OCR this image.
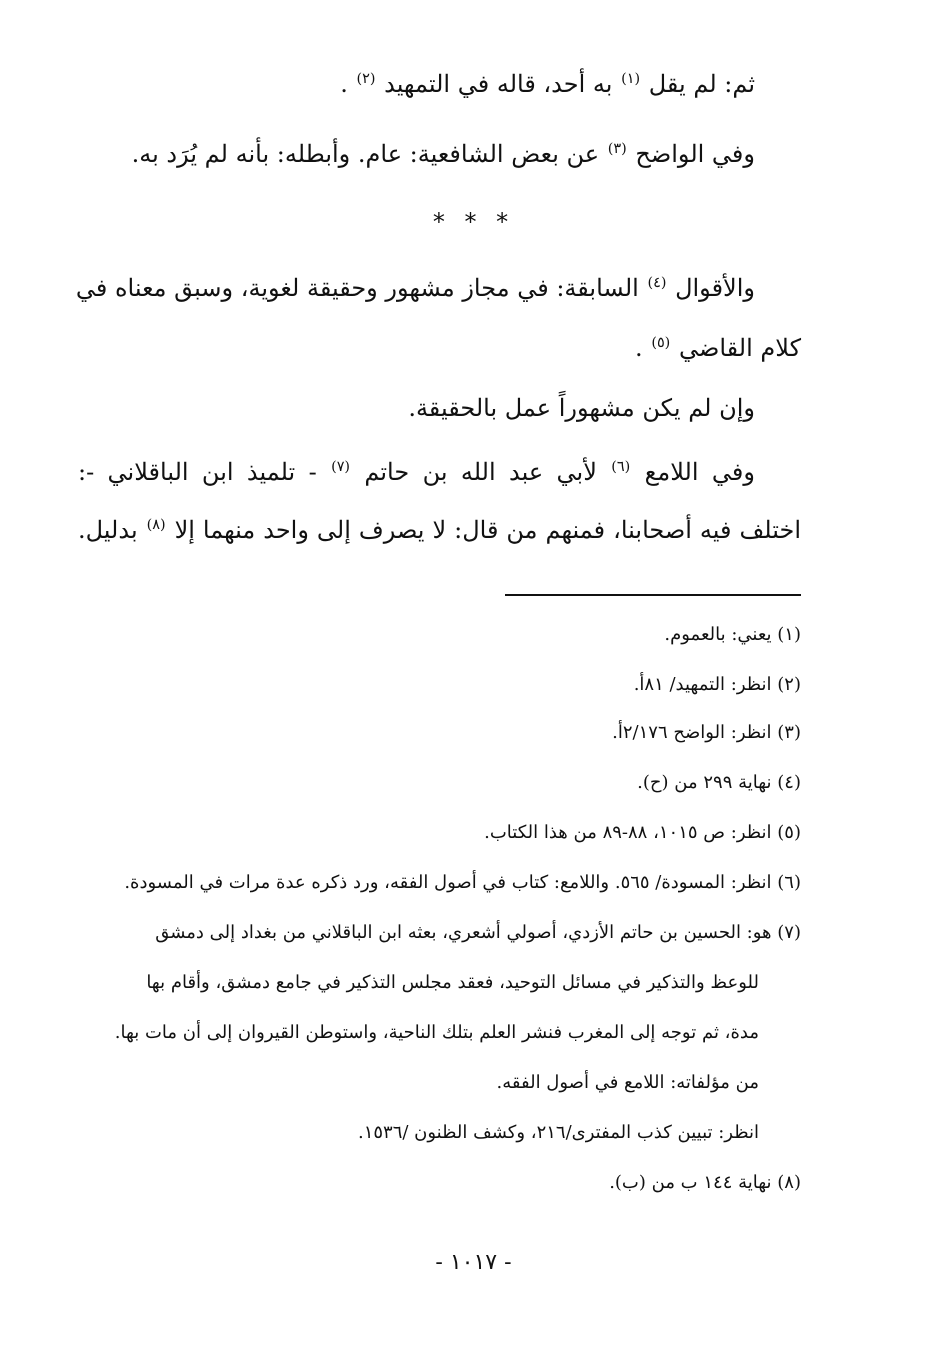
ثم: لم يقل $^{(١)}$ به أحد، قاله في التمهيد $^{(٢)}$ .
وفي الواضح $^{(٣)}$ عن بعض الشافعية: عام. وأبطله: بأنه لم يُرَد به.
* * *
والأقوال $^{(٤)}$ السابقة: في مجاز مشهور وحقيقة لغوية، وسبق معناه في
كلام القاضي $^{(٥)}$ .
وإن لم يكن مشهوراً عمل بالحقيقة.
وفي اللامع $^{(٦)}$ لأبي عبد الله بن حاتم $^{(٧)}$ - تلميذ ابن الباقلاني -:
اختلف فيه أصحابنا، فمنهم من قال: لا يصرف إلى واحد منهما إلا $^{(٨)}$ بدليل.
(١) يعني: بالعموم.
(٢) انظر: التمهيد/ ٨١أ.
(٣) انظر: الواضح ٢/١٧٦أ.
(٤) نهاية ٢٩٩ من (ح).
(٥) انظر: ص ١٠١٥، ٨٨-٨٩ من هذا الكتاب.
(٦) انظر: المسودة/ ٥٦٥. واللامع: كتاب في أصول الفقه، ورد ذكره عدة مرات في المسودة.
(٧) هو: الحسين بن حاتم الأزدي، أصولي أشعري، بعثه ابن الباقلاني من بغداد إلى دمشق
للوعظ والتذكير في مسائل التوحيد، فعقد مجلس التذكير في جامع دمشق، وأقام بها
مدة، ثم توجه إلى المغرب فنشر العلم بتلك الناحية، واستوطن القيروان إلى أن مات بها.
من مؤلفاته: اللامع في أصول الفقه.
انظر: تبيين كذب المفترى/٢١٦، وكشف الظنون /١٥٣٦.
(٨) نهاية ١٤٤ ب من (ب).
- ١٠١٧ -
